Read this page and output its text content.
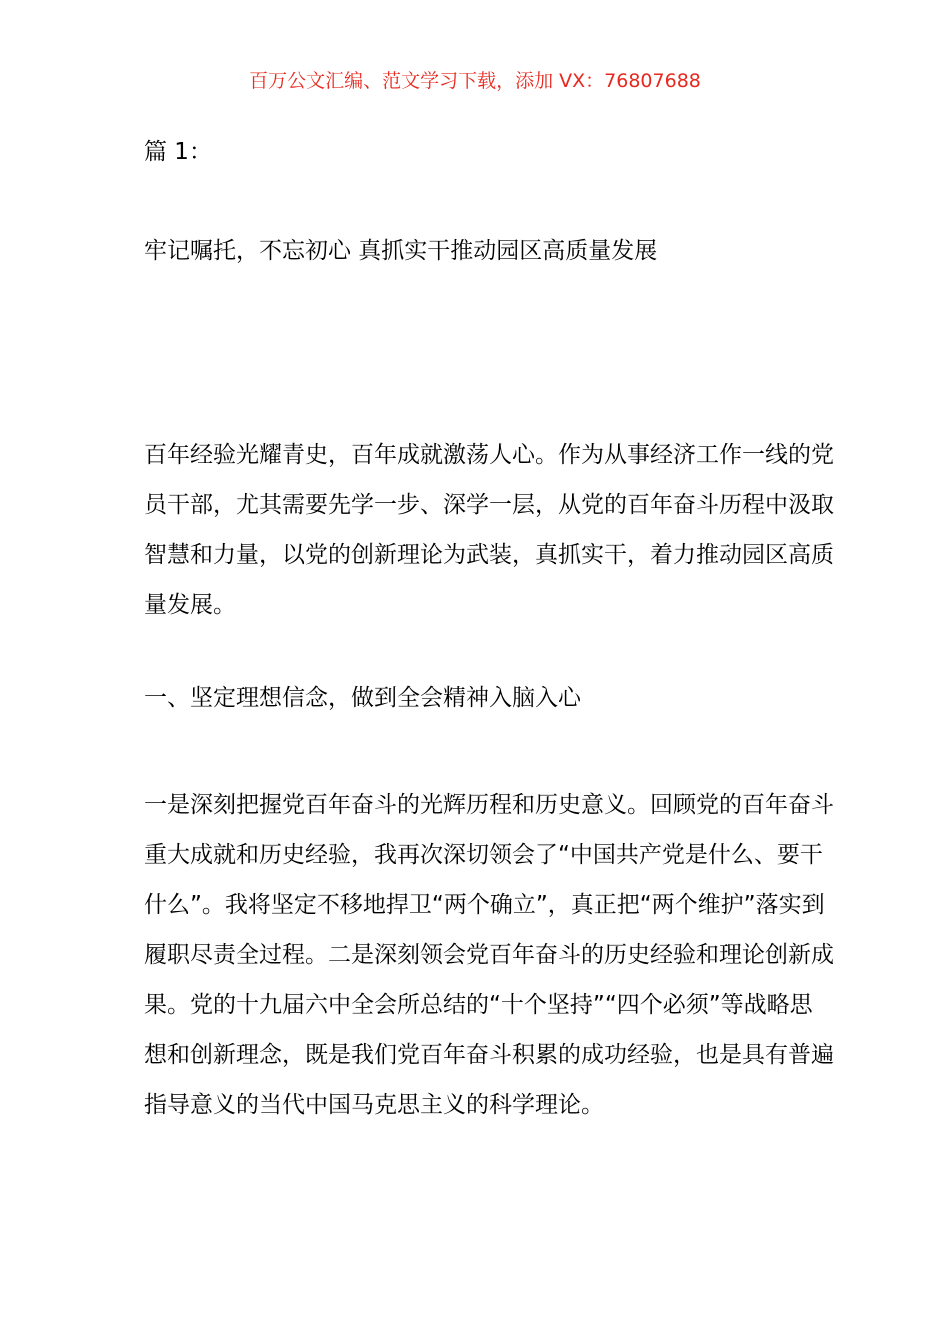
百万公文汇编、范文学习下载，添加 VX：76807688
篇 1：
牢记嘱托，不忘初心 真抓实干推动园区高质量发展

百年经验光耀青史，百年成就激荡人心。作为从事经济工作一线的党员干部，尤其需要先学一步、深学一层，从党的百年奋斗历程中汲取智慧和力量，以党的创新理论为武装，真抓实干，着力推动园区高质量发展。

一、坚定理想信念，做到全会精神入脑入心

一是深刻把握党百年奋斗的光辉历程和历史意义。回顾党的百年奋斗重大成就和历史经验，我再次深切领会了“中国共产党是什么、要干什么”。我将坚定不移地捍卫“两个确立”，真正把“两个维护”落实到履职尽责全过程。二是深刻领会党百年奋斗的历史经验和理论创新成果。党的十九届六中全会所总结的“十个坚持”“四个必须”等战略思想和创新理念，既是我们党百年奋斗积累的成功经验，也是具有普遍指导意义的当代中国马克思主义的科学理论。
